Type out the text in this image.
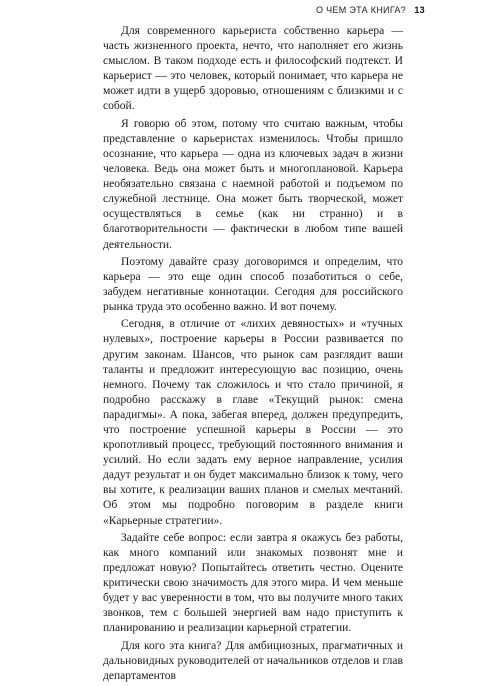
О ЧЕМ ЭТА КНИГА? 13

Для современного карьериста собственно карьера — часть жизненного проекта, нечто, что наполняет его жизнь смыслом. В таком подходе есть и философский подтекст. И карьерист — это человек, который понимает, что карьера не может идти в ущерб здоровью, отношениям с близкими и с собой.

Я говорю об этом, потому что считаю важным, чтобы представление о карьеристах изменилось. Чтобы пришло осознание, что карьера — одна из ключевых задач в жизни человека. Ведь она может быть и многоплановой. Карьера необязательно связана с наемной работой и подъемом по служебной лестнице. Она может быть творческой, может осуществляться в семье (как ни странно) и в благотворительности — фактически в любом типе вашей деятельности.

Поэтому давайте сразу договоримся и определим, что карьера — это еще один способ позаботиться о себе, забудем негативные коннотации. Сегодня для российского рынка труда это особенно важно. И вот почему.

Сегодня, в отличие от «лихих девяностых» и «тучных нулевых», построение карьеры в России развивается по другим законам. Шансов, что рынок сам разглядит ваши таланты и предложит интересующую вас позицию, очень немного. Почему так сложилось и что стало причиной, я подробно расскажу в главе «Текущий рынок: смена парадигмы». А пока, забегая вперед, должен предупредить, что построение успешной карьеры в России — это кропотливый процесс, требующий постоянного внимания и усилий. Но если задать ему верное направление, усилия дадут результат и он будет максимально близок к тому, чего вы хотите, к реализации ваших планов и смелых мечтаний. Об этом мы подробно поговорим в разделе книги «Карьерные стратегии».

Задайте себе вопрос: если завтра я окажусь без работы, как много компаний или знакомых позвонят мне и предложат новую? Попытайтесь ответить честно. Оцените критически свою значимость для этого мира. И чем меньше будет у вас уверенности в том, что вы получите много таких звонков, тем с большей энергией вам надо приступить к планированию и реализации карьерной стратегии.

Для кого эта книга? Для амбициозных, прагматичных и дальновидных руководителей от начальников отделов и глав департаментов
